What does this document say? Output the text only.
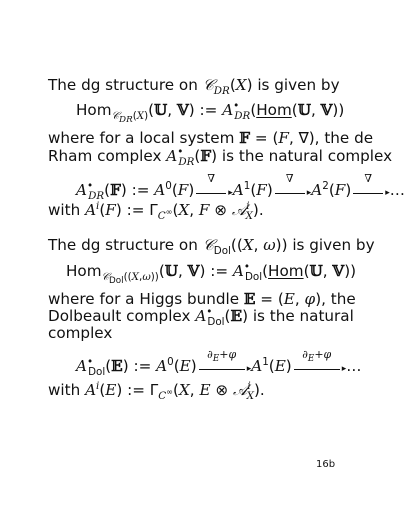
The dg structure on 𝒞$_{DR}$(X) is given by
Hom$_{𝒞_{DR}(X)}$(𝕌, 𝕍) := $A^•_{DR}(Hom(𝕌$, 𝕍))
where for a local system 𝔽 = (F, ∇), the de
Rham complex $A^•_{DR}(𝔽)$ is the natural complex
$A^•_{DR}(𝔽)$ := $A^0(F)$
∇
$▸A^1(F)$
∇
$▸A^2(F)$
∇
▸…
with $A^i(F)$ := $\Gamma_{C^\infty}(X$, F ⊗ 𝒜$^i_X$).
The dg structure on 𝒞$_{Dol}$((X, ω)) is given by
Hom$_{𝒞_{Dol}((X,\omega))}$(𝕌, 𝕍) := $A^•_{Dol}(Hom(𝕌$, 𝕍))
where for a Higgs bundle 𝔼 = (E, φ), the
Dolbeault complex $A^•_{Dol}(𝔼)$ is the natural
complex
$A^•_{Dol}(𝔼)$ := $A^0(E)$
$\partial_E+\varphi$
$▸A^1(E)$
$\partial_E+\varphi$
▸…
with $A^i(E)$ := $\Gamma_{C^\infty}(X$, E ⊗ 𝒜$^i_X$).
16b
